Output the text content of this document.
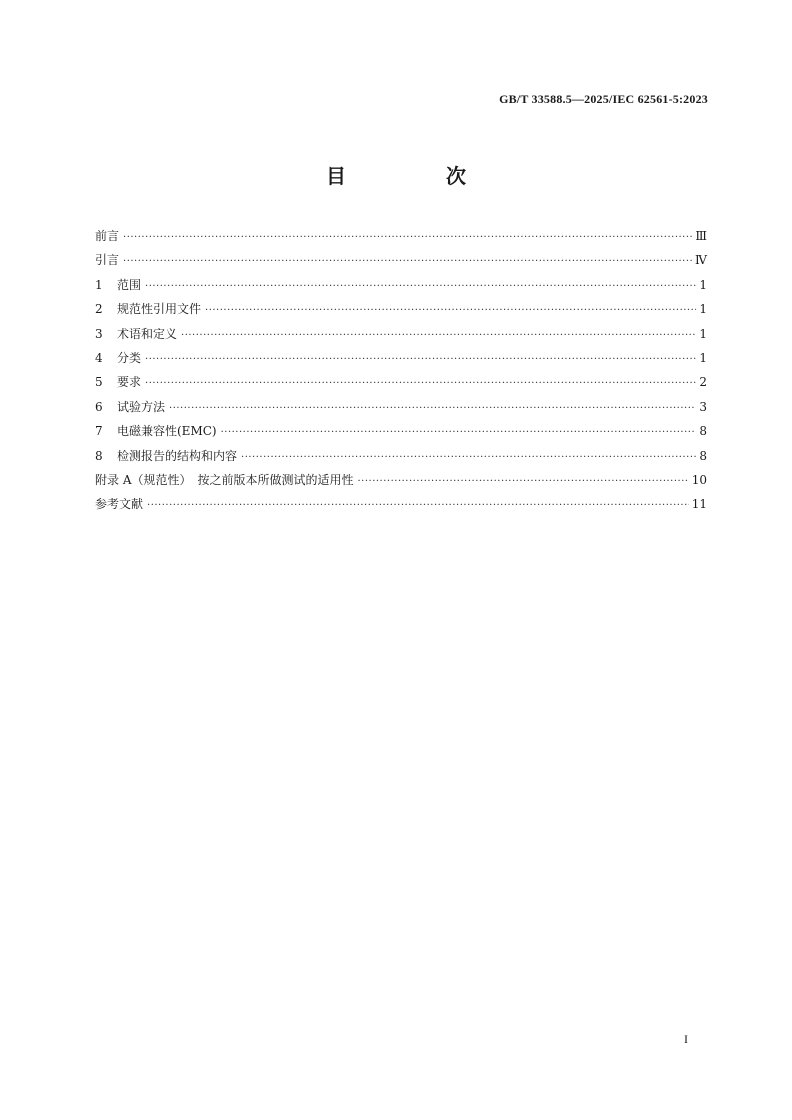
GB/T 33588.5—2025/IEC 62561-5:2023
目　次
前言 ·····	Ⅲ
引言 ·····	Ⅳ
1	范围 ·····	1
2	规范性引用文件 ·····	1
3	术语和定义 ·····	1
4	分类 ·····	1
5	要求 ·····	2
6	试验方法 ·····	3
7	电磁兼容性(EMC) ·····	8
8	检测报告的结构和内容 ·····	8
附录 A（规范性）　按之前版本所做测试的适用性 ·····	10
参考文献 ·····	11
I
